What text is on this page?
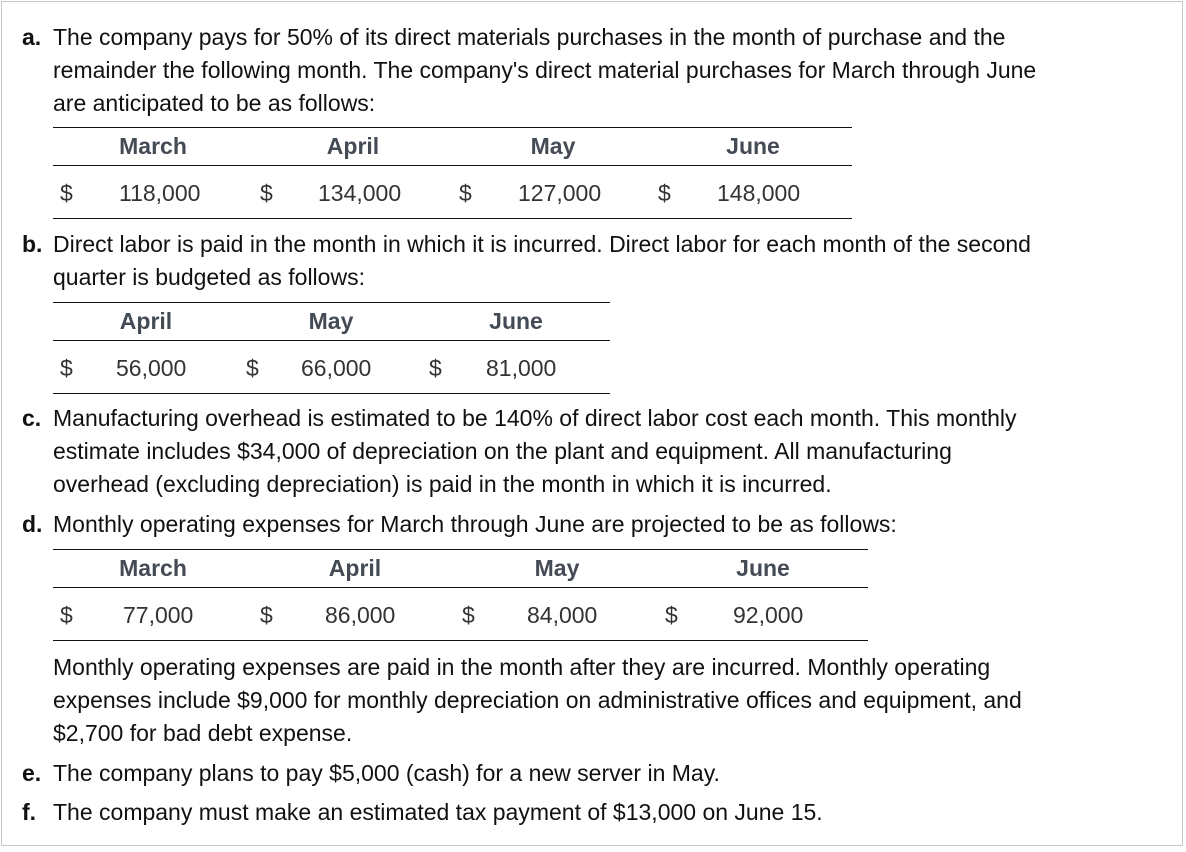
a. The company pays for 50% of its direct materials purchases in the month of purchase and the
remainder the following month. The company's direct material purchases for March through June
are anticipated to be as follows:
March	April	May	June
$ 118,000	$ 134,000	$ 127,000 $ 148,000
b. Direct labor is paid in the month in which it is incurred. Direct labor for each month of the second
quarter is budgeted as follows:
April	May	June
$ 56,000	$ 66,000	$ 81,000
c. Manufacturing overhead is estimated to be 140% of direct labor cost each month. This monthly
estimate includes $34,000 of depreciation on the plant and equipment. All manufacturing
overhead (excluding depreciation) is paid in the month in which it is incurred.
d. Monthly operating expenses for March through June are projected to be as follows:
March	April	May	June
$ 77,000	$ 86,000	$ 84,000	$ 92,000
Monthly operating expenses are paid in the month after they are incurred. Monthly operating
expenses include $9,000 for monthly depreciation on administrative offices and equipment, and
$2,700 for bad debt expense.
e. The company plans to pay $5,000 (cash) for a new server in May.
f. The company must make an estimated tax payment of $13,000 on June 15.
